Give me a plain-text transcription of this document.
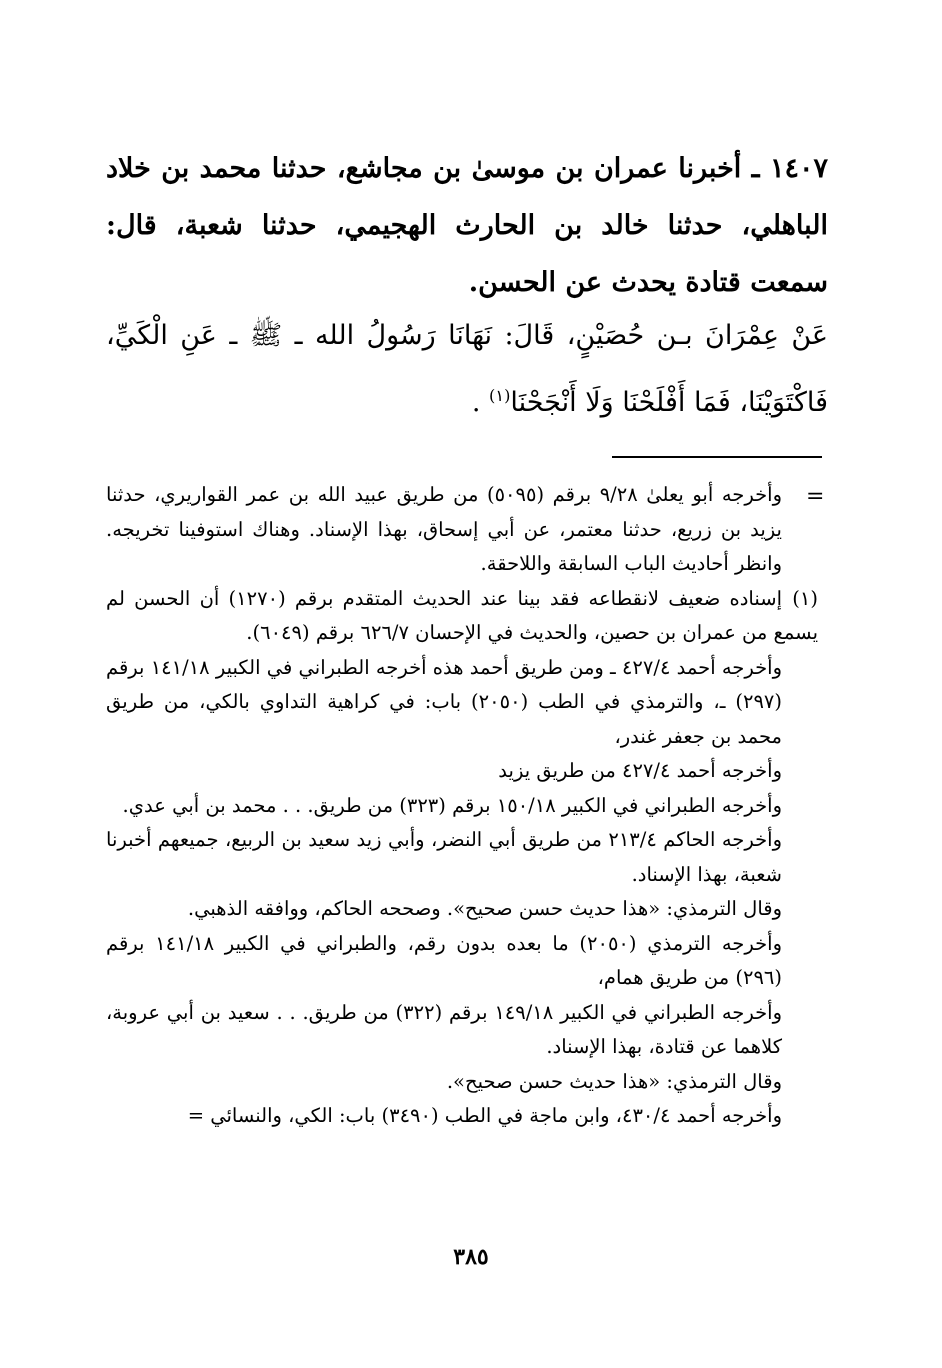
١٤٠٧ ـ أخبرنا عمران بن موسىٰ بن مجاشع، حدثنا محمد بن خلاد الباهلي، حدثنا خالد بن الحارث الهجيمي، حدثنا شعبة، قال: سمعت قتادة يحدث عن الحسن.
عَنْ عِمْرَانَ بـن حُصَيْنٍ، قَالَ: نَهَانَا رَسُولُ الله ـ ﷺ ـ عَنِ الْكَيِّ، فَاكْتَوَيْنَا، فَمَا أَفْلَحْنَا وَلَا أَنْجَحْنَا$^{(١)}$ .
=

وأخرجه أبو يعلىٰ ٩/٢٨ برقم (٥٠٩٥) من طريق عبيد الله بن عمر القواريري، حدثنا يزيد بن زريع، حدثنا معتمر، عن أبي إسحاق، بهذا الإسناد. وهناك استوفينا تخريجه. وانظر أحاديث الباب السابقة واللاحقة.

(١)إسناده ضعيف لانقطاعه فقد بينا عند الحديث المتقدم برقم (١٢٧٠) أن الحسن لم يسمع من عمران بن حصين، والحديث في الإحسان ٦٢٦/٧ برقم (٦٠٤٩).

وأخرجه أحمد ٤٢٧/٤ ـ ومن طريق أحمد هذه أخرجه الطبراني في الكبير ١٤١/١٨ برقم (٢٩٧) ـ، والترمذي في الطب (٢٠٥٠) باب: في كراهية التداوي بالكي، من طريق محمد بن جعفر غندر،

وأخرجه أحمد ٤٢٧/٤ من طريق يزيد

وأخرجه الطبراني في الكبير ١٥٠/١٨ برقم (٣٢٣) من طريق. . . محمد بن أبي عدي.

وأخرجه الحاكم ٢١٣/٤ من طريق أبي النضر، وأبي زيد سعيد بن الربيع، جميعهم أخبرنا شعبة، بهذا الإسناد.

وقال الترمذي: «هذا حديث حسن صحيح». وصححه الحاكم، ووافقه الذهبي.

وأخرجه الترمذي (٢٠٥٠) ما بعده بدون رقم، والطبراني في الكبير ١٤١/١٨ برقم (٢٩٦) من طريق همام،

وأخرجه الطبراني في الكبير ١٤٩/١٨ برقم (٣٢٢) من طريق. . . سعيد بن أبي عروبة، كلاهما عن قتادة، بهذا الإسناد.

وقال الترمذي: «هذا حديث حسن صحيح».

وأخرجه أحمد ٤٣٠/٤، وابن ماجة في الطب (٣٤٩٠) باب: الكي، والنسائي =

٣٨٥
